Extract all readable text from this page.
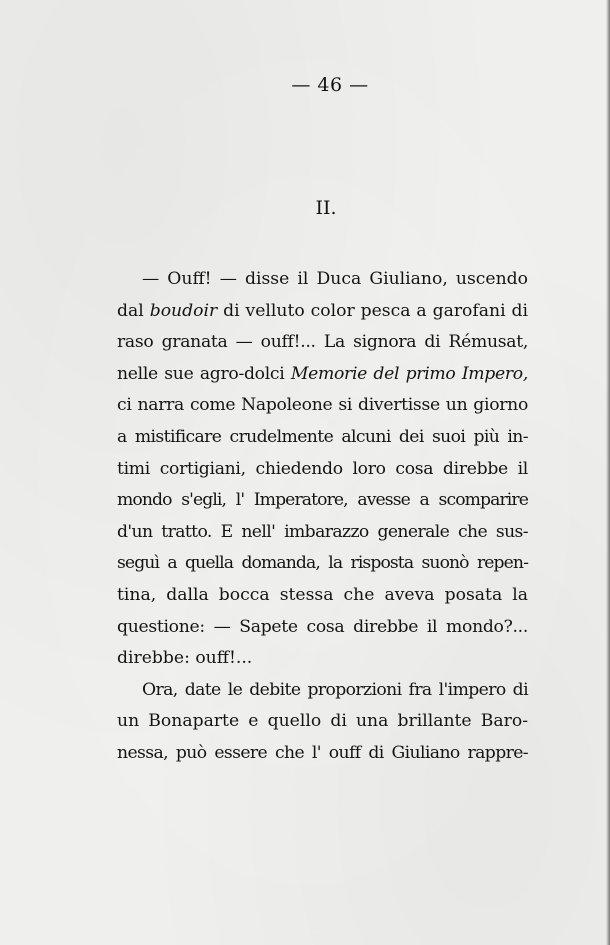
— 46 —
II.
— Ouff! — disse il Duca Giuliano, uscendo
dal boudoir di velluto color pesca a garofani di
raso granata — ouff!... La signora di Rémusat,
nelle sue agro-dolci Memorie del primo Impero,
ci narra come Napoleone si divertisse un giorno
a mistificare crudelmente alcuni dei suoi più in-
timi cortigiani, chiedendo loro cosa direbbe il
mondo s'egli, l' Imperatore, avesse a scomparire
d'un tratto. E nell' imbarazzo generale che sus-
seguì a quella domanda, la risposta suonò repen-
tina, dalla bocca stessa che aveva posata la
questione: — Sapete cosa direbbe il mondo?...
direbbe: ouff!...
Ora, date le debite proporzioni fra l'impero di
un Bonaparte e quello di una brillante Baro-
nessa, può essere che l' ouff di Giuliano rappre-
